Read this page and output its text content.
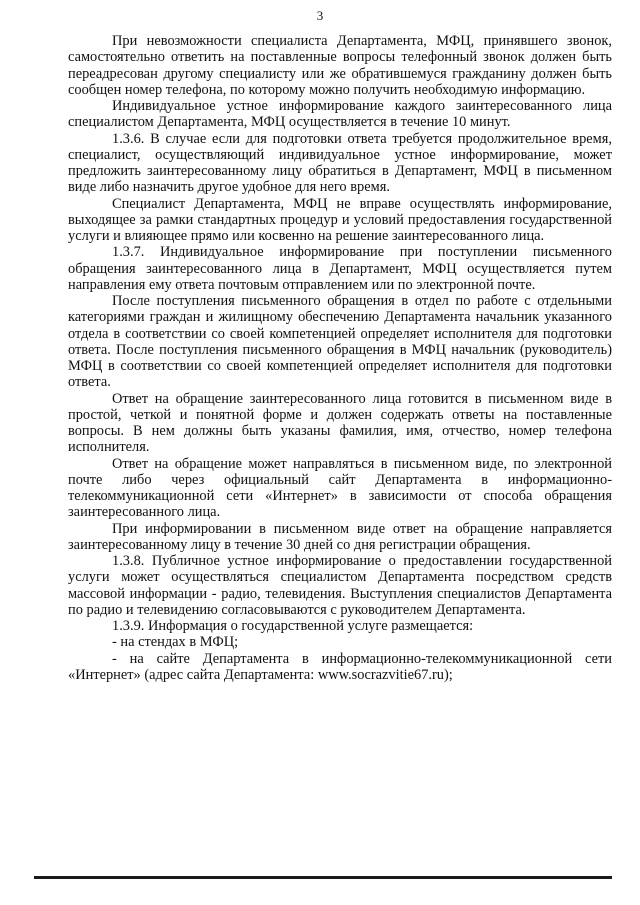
3

При невозможности специалиста Департамента, МФЦ, принявшего звонок, самостоятельно ответить на поставленные вопросы телефонный звонок должен быть переадресован другому специалисту или же обратившемуся гражданину должен быть сообщен номер телефона, по которому можно получить необходимую информацию.

Индивидуальное устное информирование каждого заинтересованного лица специалистом Департамента, МФЦ осуществляется в течение 10 минут.

1.3.6. В случае если для подготовки ответа требуется продолжительное время, специалист, осуществляющий индивидуальное устное информирование, может предложить заинтересованному лицу обратиться в Департамент, МФЦ в письменном виде либо назначить другое удобное для него время.

Специалист Департамента, МФЦ не вправе осуществлять информирование, выходящее за рамки стандартных процедур и условий предоставления государственной услуги и влияющее прямо или косвенно на решение заинтересованного лица.

1.3.7. Индивидуальное информирование при поступлении письменного обращения заинтересованного лица в Департамент, МФЦ осуществляется путем направления ему ответа почтовым отправлением или по электронной почте.

После поступления письменного обращения в отдел по работе с отдельными категориями граждан и жилищному обеспечению Департамента начальник указанного отдела в соответствии со своей компетенцией определяет исполнителя для подготовки ответа. После поступления письменного обращения в МФЦ начальник (руководитель) МФЦ в соответствии со своей компетенцией определяет исполнителя для подготовки ответа.

Ответ на обращение заинтересованного лица готовится в письменном виде в простой, четкой и понятной форме и должен содержать ответы на поставленные вопросы. В нем должны быть указаны фамилия, имя, отчество, номер телефона исполнителя.

Ответ на обращение может направляться в письменном виде, по электронной почте либо через официальный сайт Департамента в информационно-телекоммуникационной сети «Интернет» в зависимости от способа обращения заинтересованного лица.

При информировании в письменном виде ответ на обращение направляется заинтересованному лицу в течение 30 дней со дня регистрации обращения.

1.3.8. Публичное устное информирование о предоставлении государственной услуги может осуществляться специалистом Департамента посредством средств массовой информации - радио, телевидения. Выступления специалистов Департамента по радио и телевидению согласовываются с руководителем Департамента.

1.3.9. Информация о государственной услуге размещается:

- на стендах в МФЦ;

- на сайте Департамента в информационно-телекоммуникационной сети «Интернет» (адрес сайта Департамента: www.socrazvitie67.ru);
